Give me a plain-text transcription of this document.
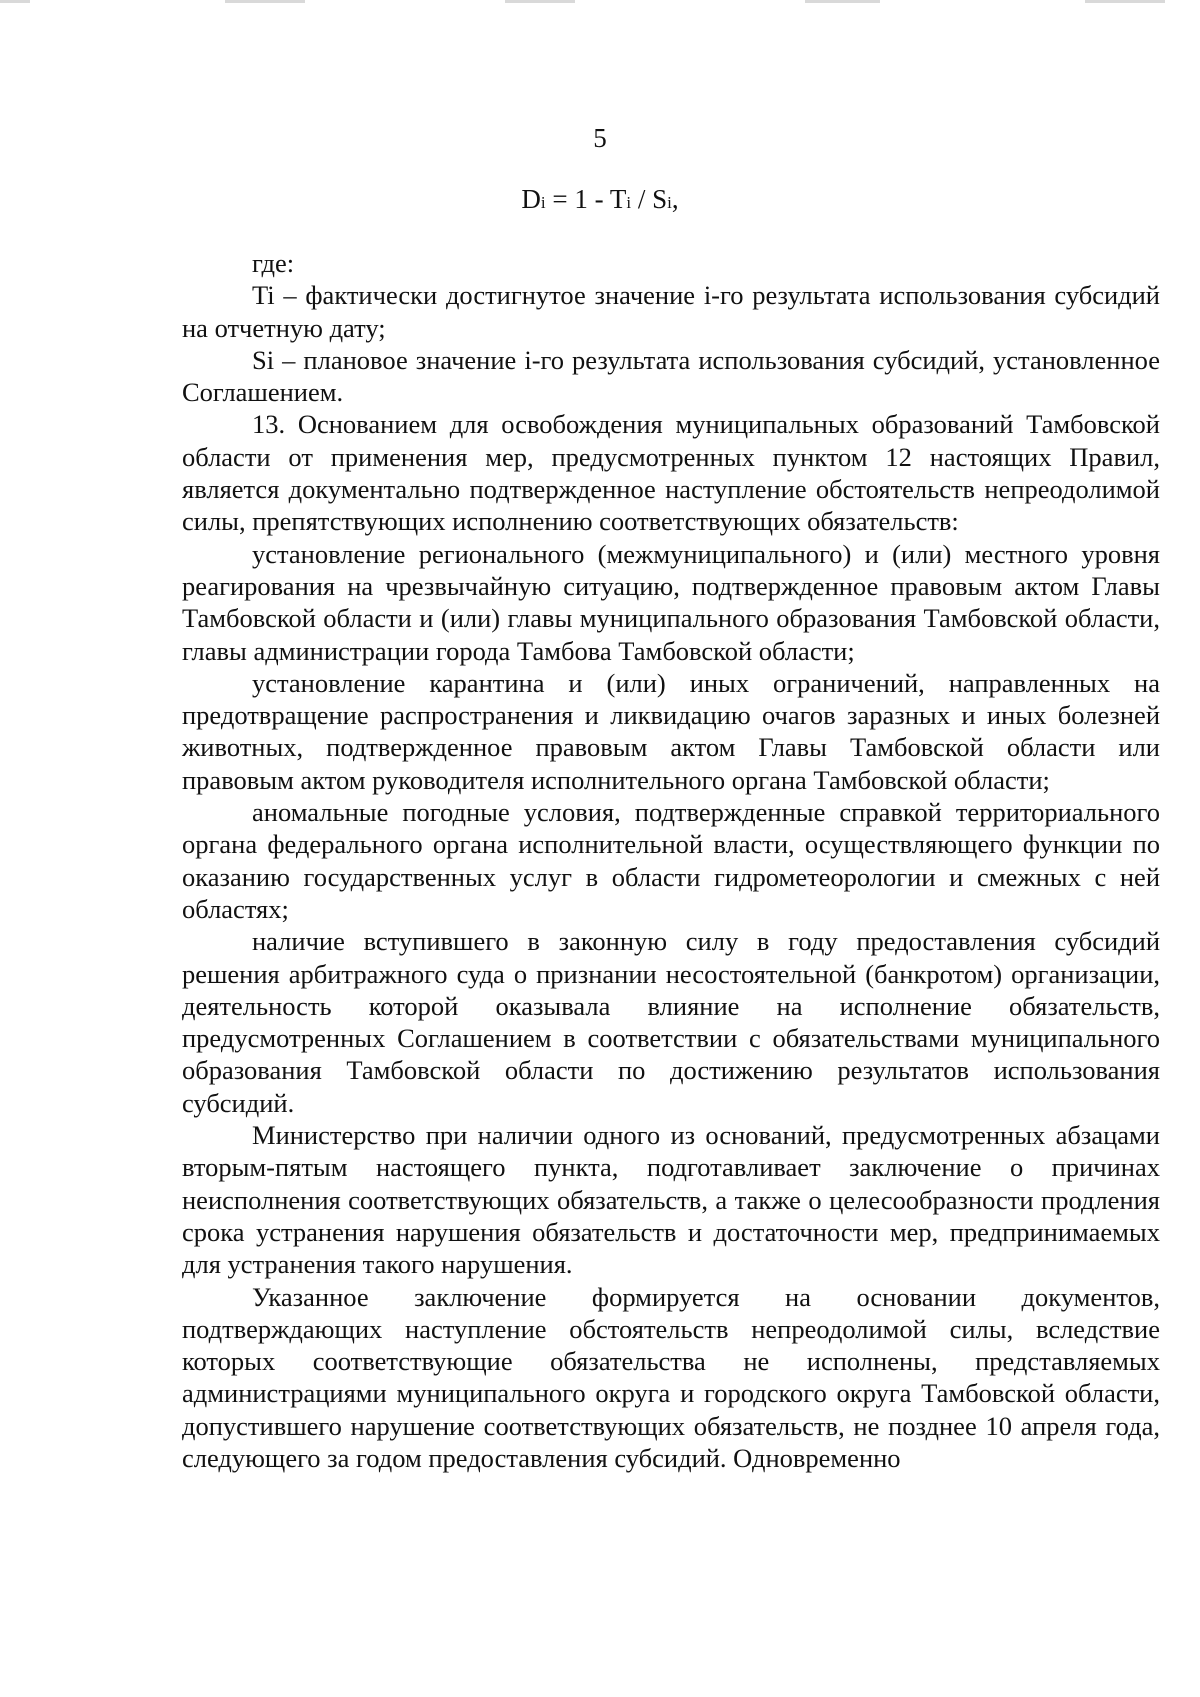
5
Di = 1 - Ti / Si,

где:

Ti – фактически достигнутое значение i-го результата использования субсидий на отчетную дату;

Si – плановое значение i-го результата использования субсидий, установленное Соглашением.

13. Основанием для освобождения муниципальных образований Тамбовской области от применения мер, предусмотренных пунктом 12 настоящих Правил, является документально подтвержденное наступление обстоятельств непреодолимой силы, препятствующих исполнению соответствующих обязательств:

установление регионального (межмуниципального) и (или) местного уровня реагирования на чрезвычайную ситуацию, подтвержденное правовым актом Главы Тамбовской области и (или) главы муниципального образования Тамбовской области, главы администрации города Тамбова Тамбовской области;

установление карантина и (или) иных ограничений, направленных на предотвращение распространения и ликвидацию очагов заразных и иных болезней животных, подтвержденное правовым актом Главы Тамбовской области или правовым актом руководителя исполнительного органа Тамбовской области;

аномальные погодные условия, подтвержденные справкой территориального органа федерального органа исполнительной власти, осуществляющего функции по оказанию государственных услуг в области гидрометеорологии и смежных с ней областях;

наличие вступившего в законную силу в году предоставления субсидий решения арбитражного суда о признании несостоятельной (банкротом) организации, деятельность которой оказывала влияние на исполнение обязательств, предусмотренных Соглашением в соответствии с обязательствами муниципального образования Тамбовской области по достижению результатов использования субсидий.

Министерство при наличии одного из оснований, предусмотренных абзацами вторым-пятым настоящего пункта, подготавливает заключение о причинах неисполнения соответствующих обязательств, а также о целесообразности продления срока устранения нарушения обязательств и достаточности мер, предпринимаемых для устранения такого нарушения.

Указанное заключение формируется на основании документов, подтверждающих наступление обстоятельств непреодолимой силы, вследствие которых соответствующие обязательства не исполнены, представляемых администрациями муниципального округа и городского округа Тамбовской области, допустившего нарушение соответствующих обязательств, не позднее 10 апреля года, следующего за годом предоставления субсидий. Одновременно
